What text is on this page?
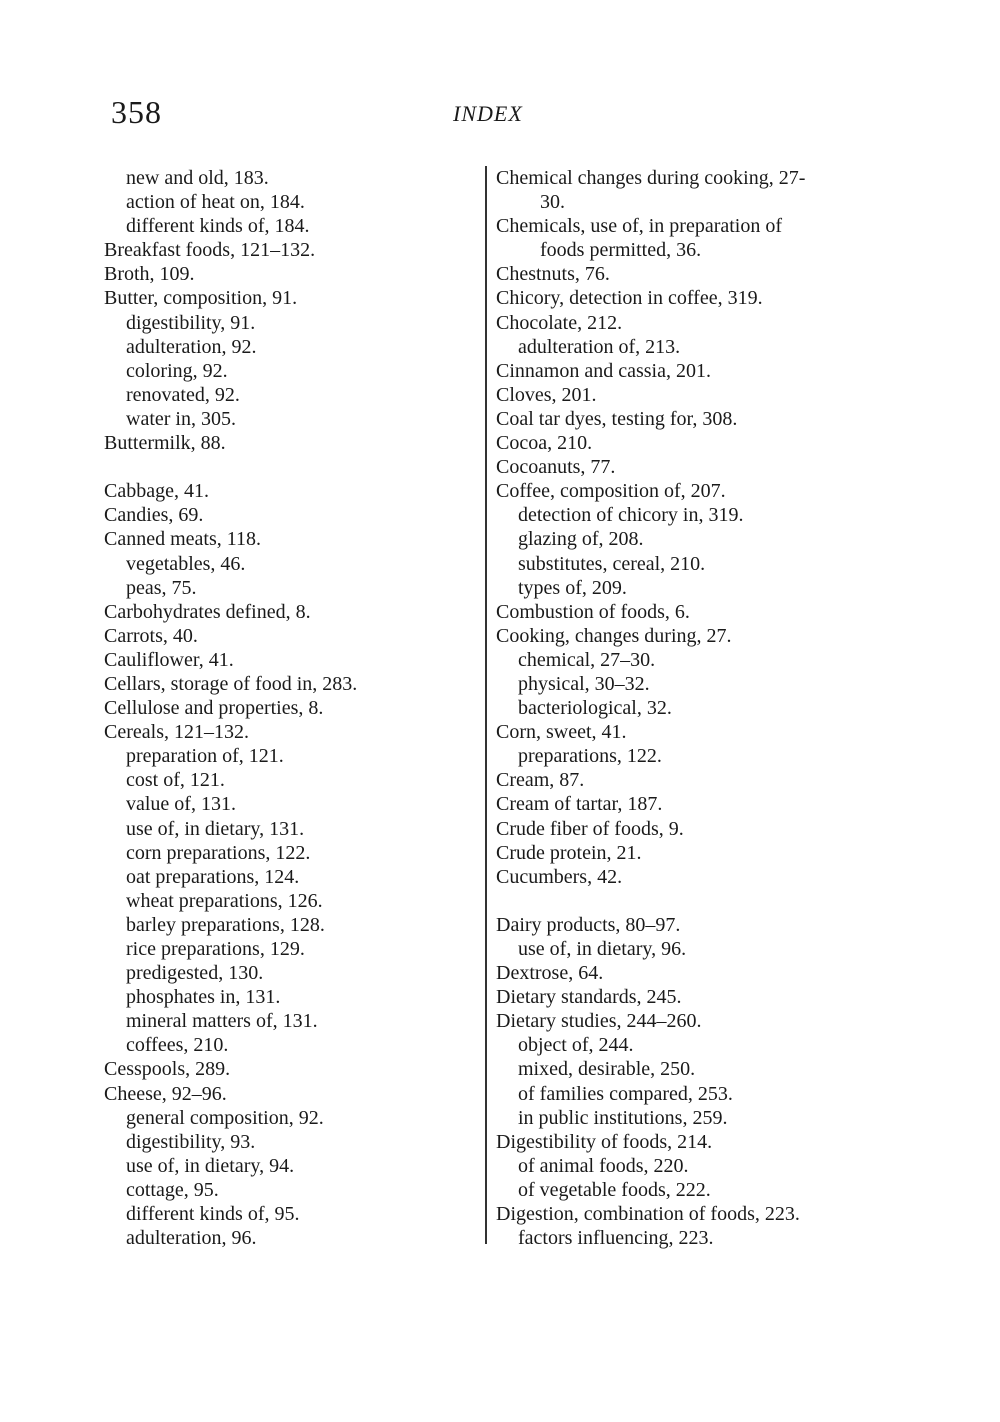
358	INDEX
new and old, 183.
action of heat on, 184.
different kinds of, 184.
Breakfast foods, 121–132.
Broth, 109.
Butter, composition, 91.
digestibility, 91.
adulteration, 92.
coloring, 92.
renovated, 92.
water in, 305.
Buttermilk, 88.
Cabbage, 41.
Candies, 69.
Canned meats, 118.
vegetables, 46.
peas, 75.
Carbohydrates defined, 8.
Carrots, 40.
Cauliflower, 41.
Cellars, storage of food in, 283.
Cellulose and properties, 8.
Cereals, 121–132.
preparation of, 121.
cost of, 121.
value of, 131.
use of, in dietary, 131.
corn preparations, 122.
oat preparations, 124.
wheat preparations, 126.
barley preparations, 128.
rice preparations, 129.
predigested, 130.
phosphates in, 131.
mineral matters of, 131.
coffees, 210.
Cesspools, 289.
Cheese, 92–96.
general composition, 92.
digestibility, 93.
use of, in dietary, 94.
cottage, 95.
different kinds of, 95.
adulteration, 96.
Chemical changes during cooking, 27-
30.
Chemicals, use of, in preparation of
foods permitted, 36.
Chestnuts, 76.
Chicory, detection in coffee, 319.
Chocolate, 212.
adulteration of, 213.
Cinnamon and cassia, 201.
Cloves, 201.
Coal tar dyes, testing for, 308.
Cocoa, 210.
Cocoanuts, 77.
Coffee, composition of, 207.
detection of chicory in, 319.
glazing of, 208.
substitutes, cereal, 210.
types of, 209.
Combustion of foods, 6.
Cooking, changes during, 27.
chemical, 27–30.
physical, 30–32.
bacteriological, 32.
Corn, sweet, 41.
preparations, 122.
Cream, 87.
Cream of tartar, 187.
Crude fiber of foods, 9.
Crude protein, 21.
Cucumbers, 42.
Dairy products, 80–97.
use of, in dietary, 96.
Dextrose, 64.
Dietary standards, 245.
Dietary studies, 244–260.
object of, 244.
mixed, desirable, 250.
of families compared, 253.
in public institutions, 259.
Digestibility of foods, 214.
of animal foods, 220.
of vegetable foods, 222.
Digestion, combination of foods, 223.
factors influencing, 223.
